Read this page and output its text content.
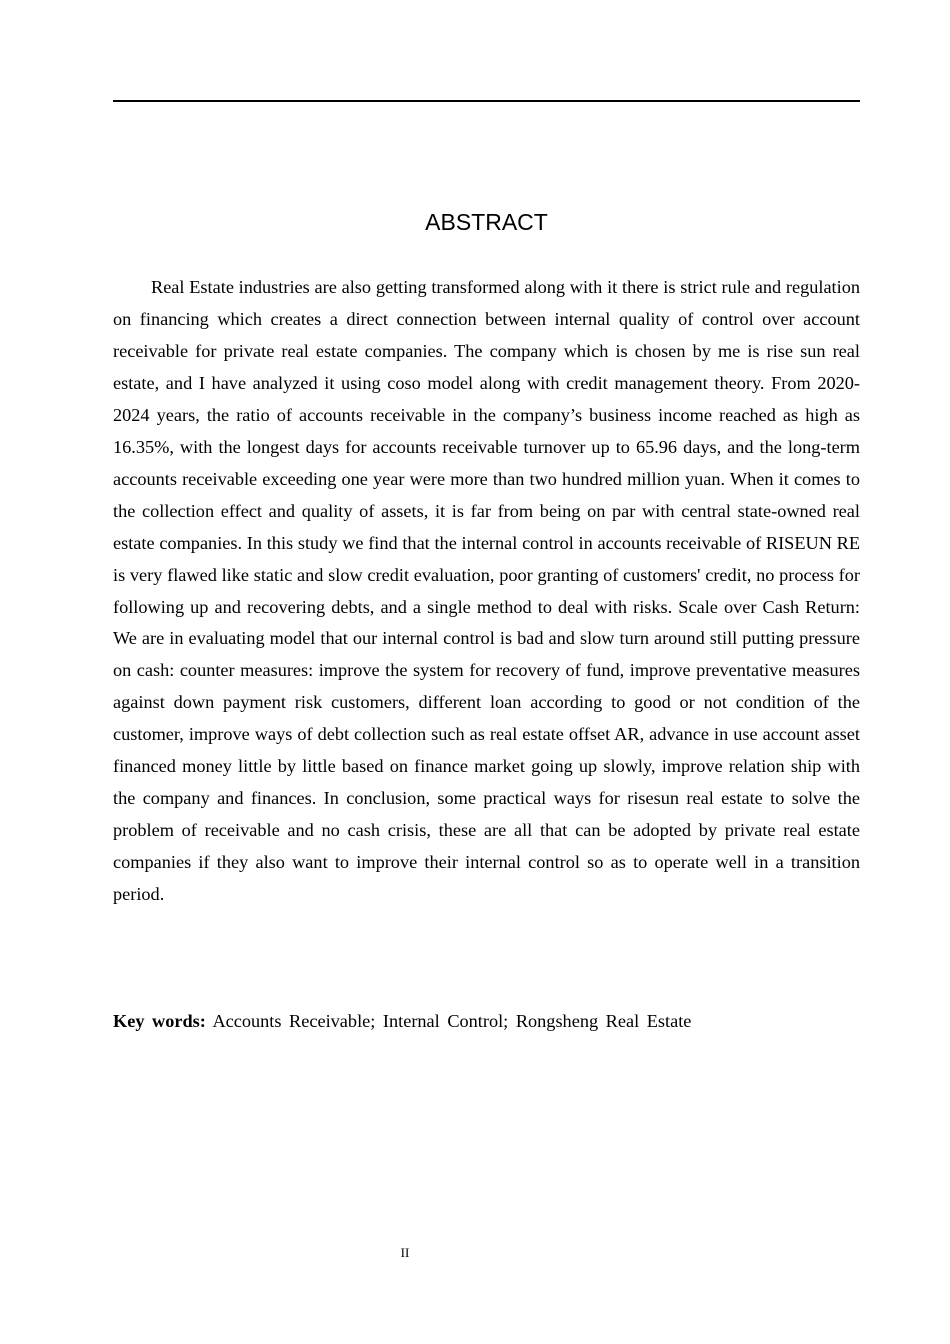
ABSTRACT

Real Estate industries are also getting transformed along with it there is strict rule and regulation on financing which creates a direct connection between internal quality of control over account receivable for private real estate companies. The company which is chosen by me is rise sun real estate, and I have analyzed it using coso model along with credit management theory. From 2020-2024 years, the ratio of accounts receivable in the company’s business income reached as high as 16.35%, with the longest days for accounts receivable turnover up to 65.96 days, and the long-term accounts receivable exceeding one year were more than two hundred million yuan. When it comes to the collection effect and quality of assets, it is far from being on par with central state-owned real estate companies. In this study we find that the internal control in accounts receivable of RISEUN RE is very flawed like static and slow credit evaluation, poor granting of customers' credit, no process for following up and recovering debts, and a single method to deal with risks. Scale over Cash Return: We are in evaluating model that our internal control is bad and slow turn around still putting pressure on cash: counter measures: improve the system for recovery of fund, improve preventative measures against down payment risk customers, different loan according to good or not condition of the customer, improve ways of debt collection such as real estate offset AR, advance in use account asset financed money little by little based on finance market going up slowly, improve relation ship with the company and finances. In conclusion, some practical ways for risesun real estate to solve the problem of receivable and no cash crisis, these are all that can be adopted by private real estate companies if they also want to improve their internal control so as to operate well in a transition period.

Key words: Accounts Receivable; Internal Control; Rongsheng Real Estate

II
